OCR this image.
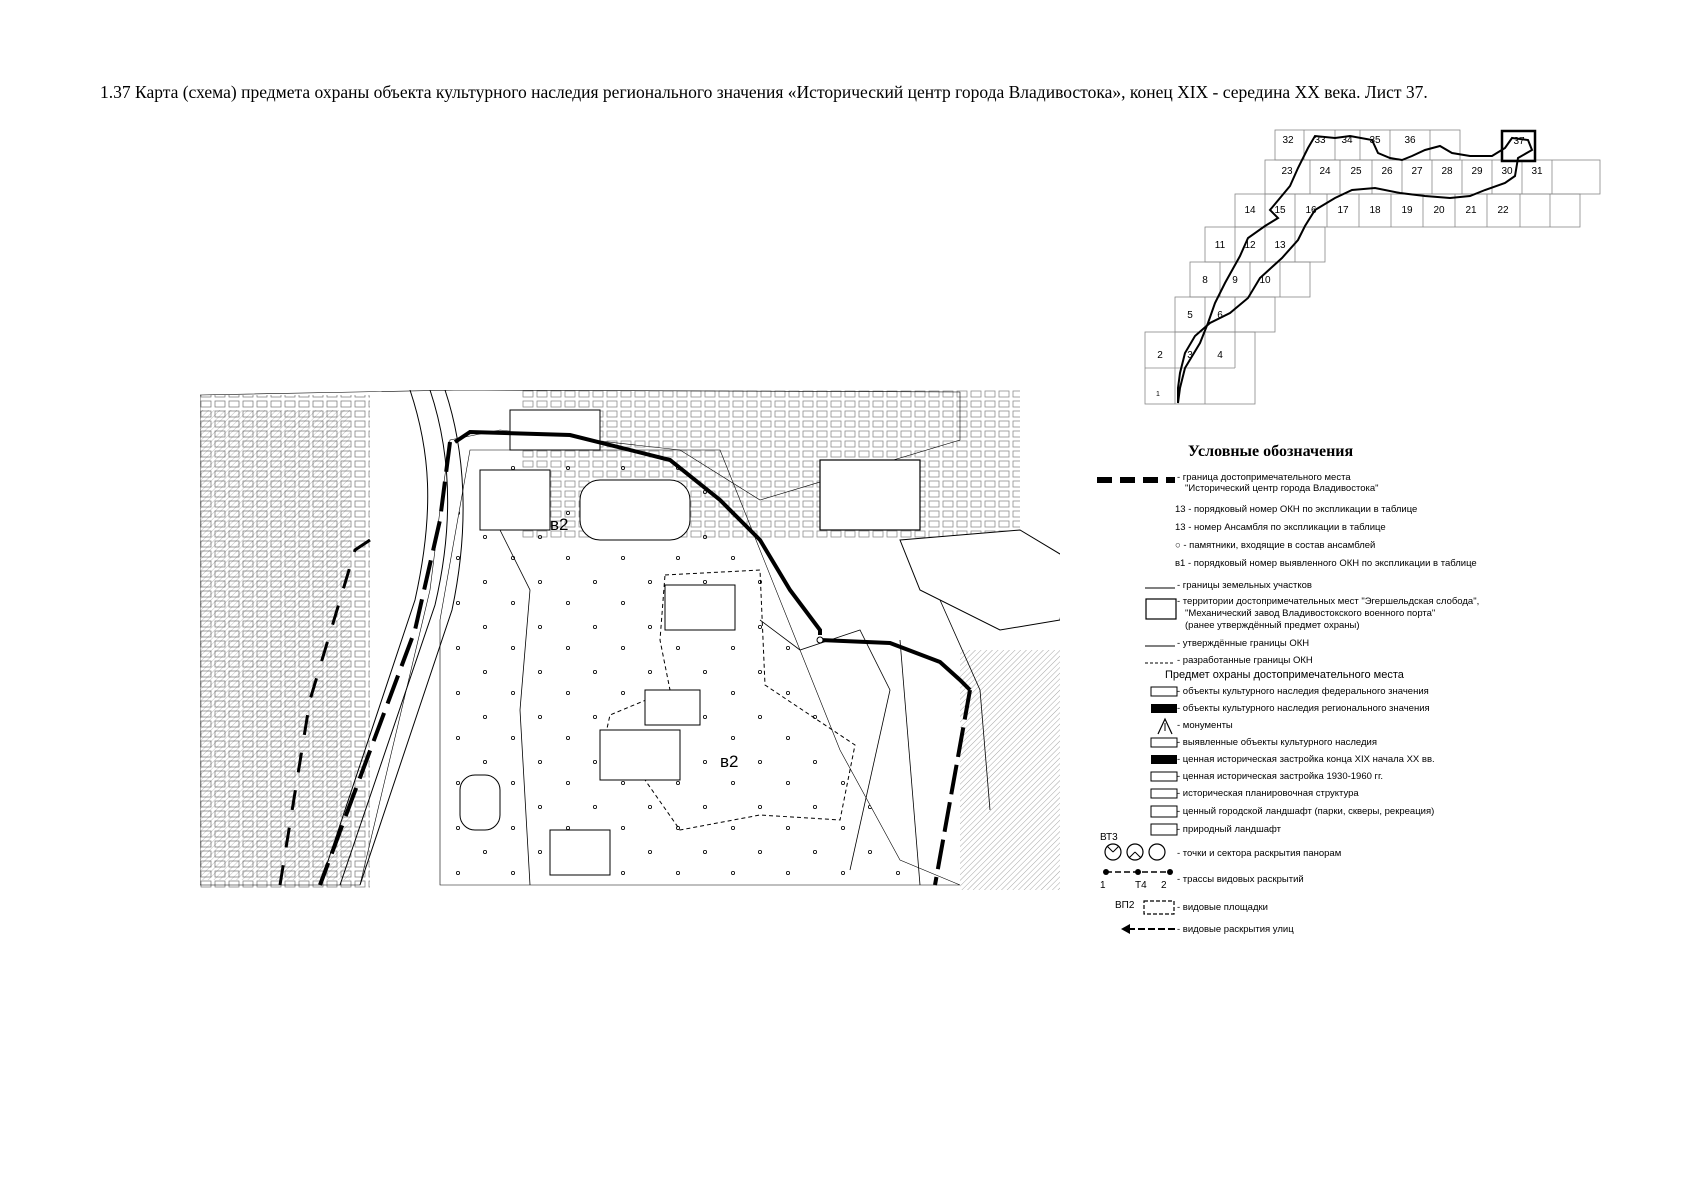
1.37 Карта (схема) предмета охраны объекта культурного наследия регионального значения «Исторический центр города Владивостока», конец XIX - середина XX века. Лист 37.
32 33 34 35 36	37
23	24 25 26 27 28 29 30 31
14 15 16 17 18 19 20 21 22
11 12 13
8 9 10
5 6
2 3 4
1
в2
в2
Условные обозначения
- граница достопримечательного места
"Исторический центр города Владивостока"
13 - порядковый номер ОКН по экспликации в таблице
13 - номер Ансамбля по экспликации в таблице
○ - памятники, входящие в состав ансамблей
в1 - порядковый номер выявленного ОКН по экспликации в таблице
- границы земельных участков
- территории достопримечательных мест "Эгершельдская слобода",
"Механический завод Владивостокского военного порта"
(ранее утверждённый предмет охраны)
- утверждённые границы ОКН
- разработанные границы ОКН
Предмет охраны достопримечательного места
- объекты культурного наследия федерального значения
- объекты культурного наследия регионального значения
- монументы
- выявленные объекты культурного наследия
- ценная историческая застройка конца XIX начала XX вв.
- ценная историческая застройка 1930-1960 гг.
- историческая планировочная структура
- ценный городской ландшафт (парки, скверы, рекреация)
- природный ландшафт
ВТ3
- точки и сектора раскрытия панорам
1	T4 2
- трассы видовых раскрытий
ВП2	- видовые площадки
- видовые раскрытия улиц
